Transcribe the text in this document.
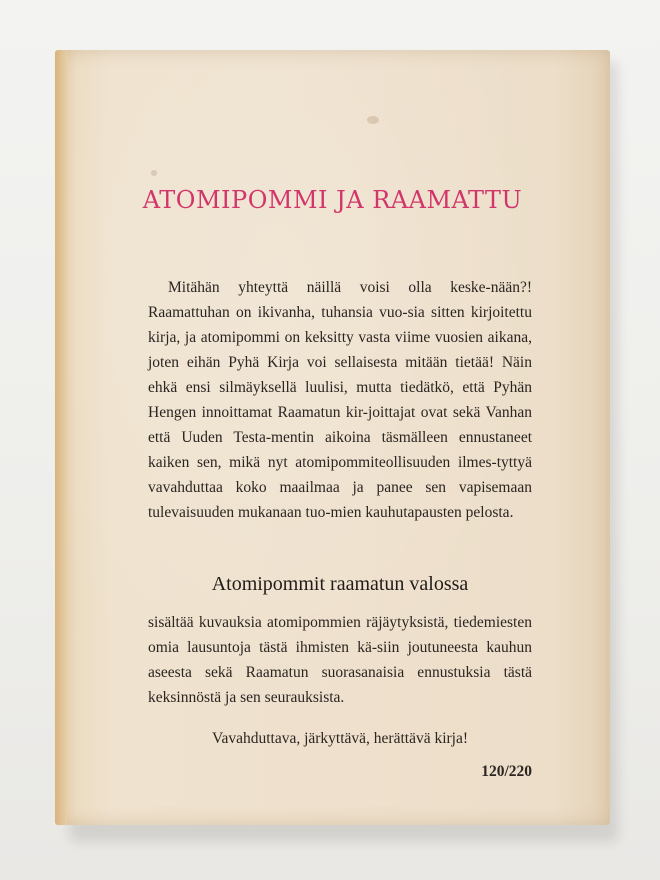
ATOMIPOMMI JA RAAMATTU

Mitähän yhteyttä näillä voisi olla keske-nään?! Raamattuhan on ikivanha, tuhansia vuo-sia sitten kirjoitettu kirja, ja atomipommi on keksitty vasta viime vuosien aikana, joten eihän Pyhä Kirja voi sellaisesta mitään tietää! Näin ehkä ensi silmäyksellä luulisi, mutta tiedätkö, että Pyhän Hengen innoittamat Raamatun kir-joittajat ovat sekä Vanhan että Uuden Testa-mentin aikoina täsmälleen ennustaneet kaiken sen, mikä nyt atomipommiteollisuuden ilmes-tyttyä vavahduttaa koko maailmaa ja panee sen vapisemaan tulevaisuuden mukanaan tuo-mien kauhutapausten pelosta.

Atomipommit raamatun valossa

sisältää kuvauksia atomipommien räjäytyksistä, tiedemiesten omia lausuntoja tästä ihmisten kä-siin joutuneesta kauhun aseesta sekä Raamatun suorasanaisia ennustuksia tästä keksinnöstä ja sen seurauksista.

Vavahduttava, järkyttävä, herättävä kirja!

120/220
